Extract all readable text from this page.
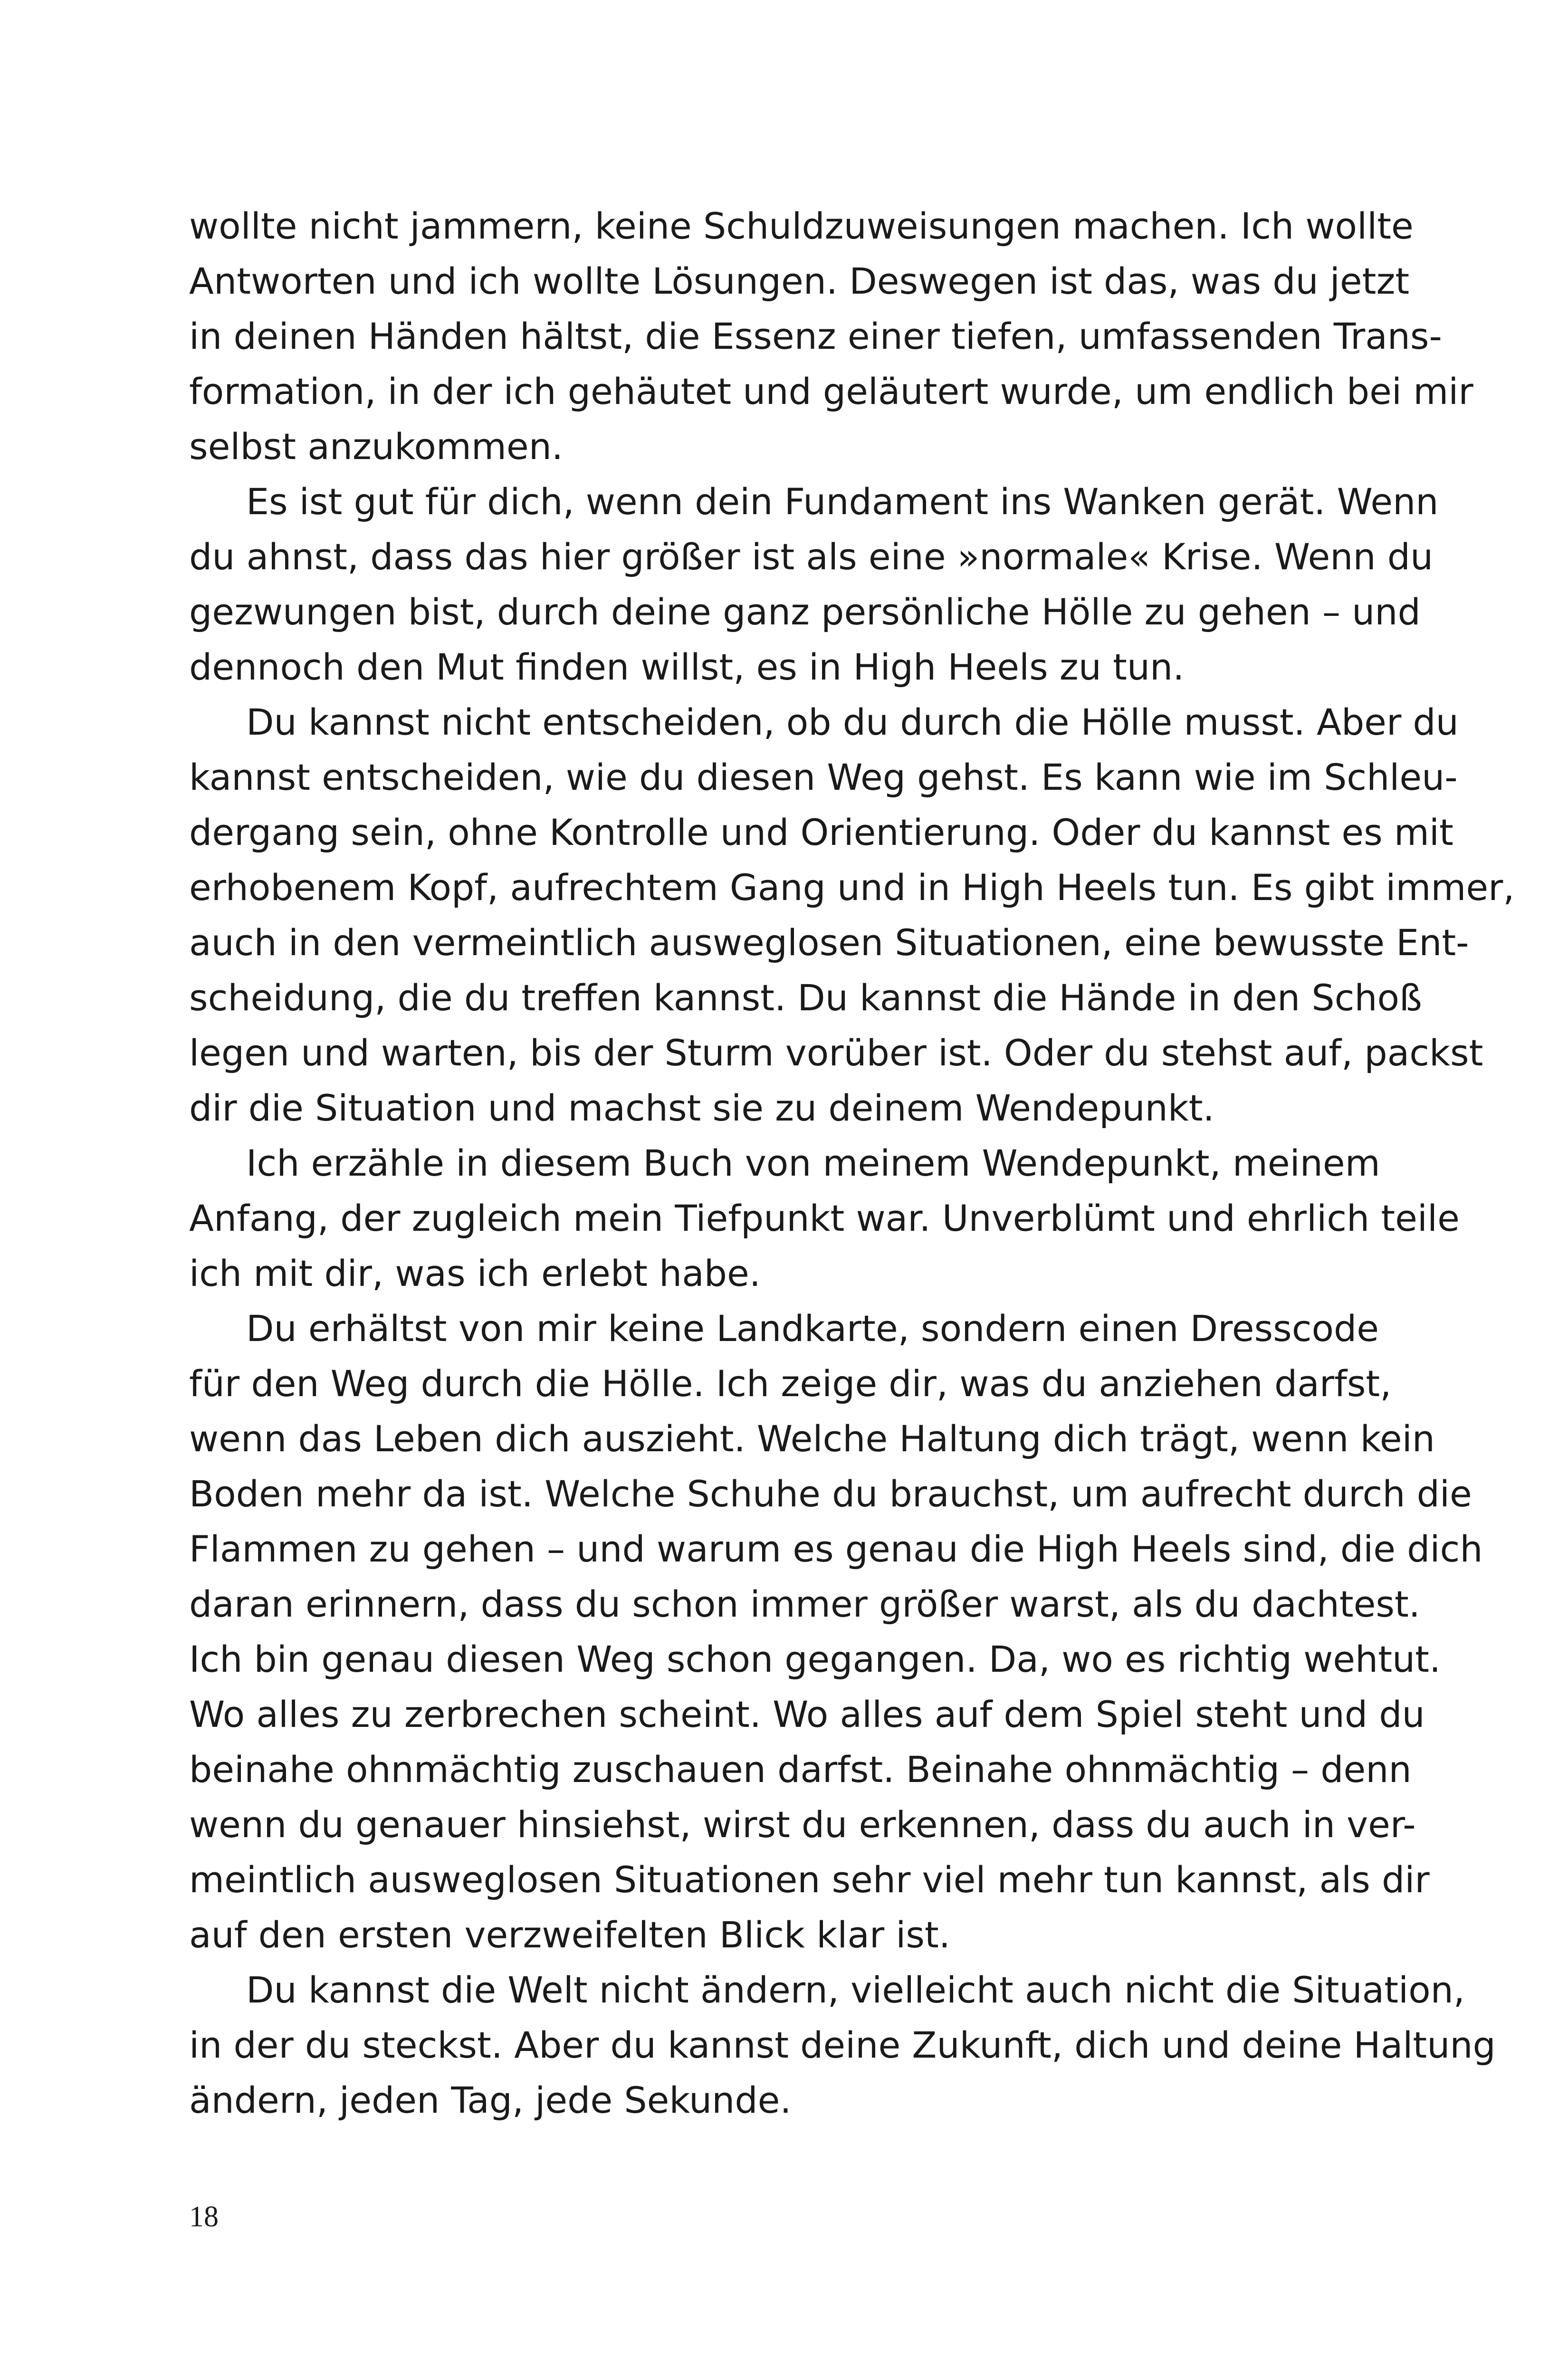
wollte nicht jammern, keine Schuldzuweisungen machen. Ich wollte
Antworten und ich wollte Lösungen. Deswegen ist das, was du jetzt
in deinen Händen hältst, die Essenz einer tiefen, umfassenden Trans-
formation, in der ich gehäutet und geläutert wurde, um endlich bei mir
selbst anzukommen.
Es ist gut für dich, wenn dein Fundament ins Wanken gerät. Wenn
du ahnst, dass das hier größer ist als eine »normale« Krise. Wenn du
gezwungen bist, durch deine ganz persönliche Hölle zu gehen – und
dennoch den Mut finden willst, es in High Heels zu tun.
Du kannst nicht entscheiden, ob du durch die Hölle musst. Aber du
kannst entscheiden, wie du diesen Weg gehst. Es kann wie im Schleu-
dergang sein, ohne Kontrolle und Orientierung. Oder du kannst es mit
erhobenem Kopf, aufrechtem Gang und in High Heels tun. Es gibt immer,
auch in den vermeintlich ausweglosen Situationen, eine bewusste Ent-
scheidung, die du treffen kannst. Du kannst die Hände in den Schoß
legen und warten, bis der Sturm vorüber ist. Oder du stehst auf, packst
dir die Situation und machst sie zu deinem Wendepunkt.
Ich erzähle in diesem Buch von meinem Wendepunkt, meinem
Anfang, der zugleich mein Tiefpunkt war. Unverblümt und ehrlich teile
ich mit dir, was ich erlebt habe.
Du erhältst von mir keine Landkarte, sondern einen Dresscode
für den Weg durch die Hölle. Ich zeige dir, was du anziehen darfst,
wenn das Leben dich auszieht. Welche Haltung dich trägt, wenn kein
Boden mehr da ist. Welche Schuhe du brauchst, um aufrecht durch die
Flammen zu gehen – und warum es genau die High Heels sind, die dich
daran erinnern, dass du schon immer größer warst, als du dachtest.
Ich bin genau diesen Weg schon gegangen. Da, wo es richtig wehtut.
Wo alles zu zerbrechen scheint. Wo alles auf dem Spiel steht und du
beinahe ohnmächtig zuschauen darfst. Beinahe ohnmächtig – denn
wenn du genauer hinsiehst, wirst du erkennen, dass du auch in ver-
meintlich ausweglosen Situationen sehr viel mehr tun kannst, als dir
auf den ersten verzweifelten Blick klar ist.
Du kannst die Welt nicht ändern, vielleicht auch nicht die Situation,
in der du steckst. Aber du kannst deine Zukunft, dich und deine Haltung
ändern, jeden Tag, jede Sekunde.
18
